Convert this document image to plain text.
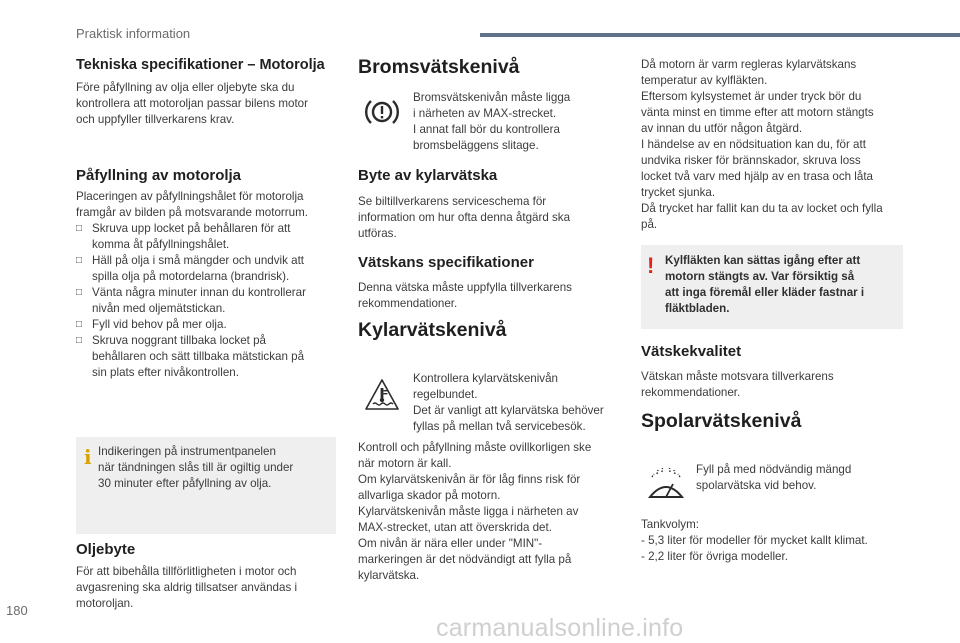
Praktisk information
Tekniska specifikationer – Motorolja
Före påfyllning av olja eller oljebyte ska du
kontrollera att motoroljan passar bilens motor
och uppfyller tillverkarens krav.
Påfyllning av motorolja
Placeringen av påfyllningshålet för motorolja
framgår av bilden på motsvarande motorrum.
□ Skruva upp locket på behållaren för att
komma åt påfyllningshålet.
□ Häll på olja i små mängder och undvik att
spilla olja på motordelarna (brandrisk).
□ Vänta några minuter innan du kontrollerar
nivån med oljemätstickan.
□ Fyll vid behov på mer olja.
□ Skruva noggrant tillbaka locket på
behållaren och sätt tillbaka mätstickan på
sin plats efter nivåkontrollen.
i Indikeringen på instrumentpanelen
när tändningen slås till är ogiltig under
30 minuter efter påfyllning av olja.
Oljebyte
För att bibehålla tillförlitligheten i motor och
avgasrening ska aldrig tillsatser användas i
motoroljan.
Bromsvätskenivå
Bromsvätskenivån måste ligga
i närheten av MAX-strecket.
I annat fall bör du kontrollera
bromsbeläggens slitage.
Byte av kylarvätska
Se biltillverkarens serviceschema för
information om hur ofta denna åtgärd ska
utföras.
Vätskans specifikationer
Denna vätska måste uppfylla tillverkarens
rekommendationer.
Kylarvätskenivå
Kontrollera kylarvätskenivån
regelbundet.
Det är vanligt att kylarvätska behöver
fyllas på mellan två servicebesök.
Kontroll och påfyllning måste ovillkorligen ske
när motorn är kall.
Om kylarvätskenivån är för låg finns risk för
allvarliga skador på motorn.
Kylarvätskenivån måste ligga i närheten av
MAX-strecket, utan att överskrida det.
Om nivån är nära eller under "MIN"-
markeringen är det nödvändigt att fylla på
kylarvätska.
Då motorn är varm regleras kylarvätskans
temperatur av kylfläkten.
Eftersom kylsystemet är under tryck bör du
vänta minst en timme efter att motorn stängts
av innan du utför någon åtgärd.
I händelse av en nödsituation kan du, för att
undvika risker för brännskador, skruva loss
locket två varv med hjälp av en trasa och låta
trycket sjunka.
Då trycket har fallit kan du ta av locket och fylla
på.
! Kylfläkten kan sättas igång efter att
motorn stängts av. Var försiktig så
att inga föremål eller kläder fastnar i
fläktbladen.
Vätskekvalitet
Vätskan måste motsvara tillverkarens
rekommendationer.
Spolarvätskenivå
Fyll på med nödvändig mängd
spolarvätska vid behov.
Tankvolym:
- 5,3 liter för modeller för mycket kallt klimat.
- 2,2 liter för övriga modeller.
180
carmanualsonline.info
